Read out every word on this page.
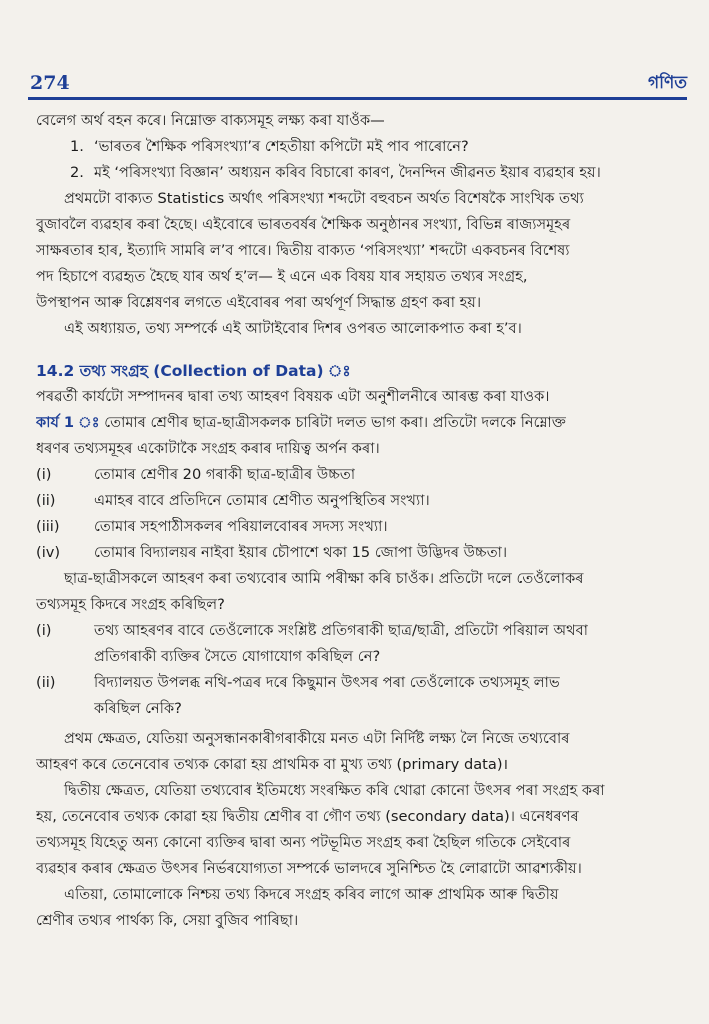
274	গণিত
বেলেগ অৰ্থ বহন কৰে। নিম্নোক্ত বাক্যসমূহ লক্ষ্য কৰা যাওঁক—
1. ‘ভাৰতৰ শৈক্ষিক পৰিসংখ্যা’ৰ শেহতীয়া কপিটো মই পাব পাৰোনে?
2. মই ‘পৰিসংখ্যা বিজ্ঞান’ অধ্যয়ন কৰিব বিচাৰো কাৰণ, দৈনন্দিন জীৱনত ইয়াৰ ব্যৱহাৰ হয়।
প্ৰথমটো বাক্যত Statistics অৰ্থাৎ পৰিসংখ্যা শব্দটো বহুবচন অৰ্থত বিশেষকৈ সাংখিক তথ্য
বুজাবলৈ ব্যৱহাৰ কৰা হৈছে। এইবোৰে ভাৰতবৰ্ষৰ শৈক্ষিক অনুষ্ঠানৰ সংখ্যা, বিভিন্ন ৰাজ্যসমূহৰ
সাক্ষৰতাৰ হাৰ, ইত্যাদি সামৰি ল’ব পাৰে। দ্বিতীয় বাক্যত ‘পৰিসংখ্যা’ শব্দটো একবচনৰ বিশেষ্য
পদ হিচাপে ব্যৱহৃত হৈছে যাৰ অৰ্থ হ’ল— ই এনে এক বিষয় যাৰ সহায়ত তথ্যৰ সংগ্ৰহ,
উপস্থাপন আৰু বিশ্লেষণৰ লগতে এইবোৰৰ পৰা অৰ্থপূৰ্ণ সিদ্ধান্ত গ্ৰহণ কৰা হয়।
এই অধ্যায়ত, তথ্য সম্পৰ্কে এই আটাইবোৰ দিশৰ ওপৰত আলোকপাত কৰা হ’ব।
14.2 তথ্য সংগ্ৰহ (Collection of Data) ঃ
পৰৱৰ্তী কাৰ্যটো সম্পাদনৰ দ্বাৰা তথ্য আহৰণ বিষয়ক এটা অনুশীলনীৰে আৰম্ভ কৰা যাওক।
কাৰ্য 1 ঃ তোমাৰ শ্ৰেণীৰ ছাত্ৰ-ছাত্ৰীসকলক চাৰিটা দলত ভাগ কৰা। প্ৰতিটো দলকে নিম্নোক্ত
ধৰণৰ তথ্যসমূহৰ একোটাকৈ সংগ্ৰহ কৰাৰ দায়িত্ব অৰ্পন কৰা।
(i)	তোমাৰ শ্ৰেণীৰ 20 গৰাকী ছাত্ৰ-ছাত্ৰীৰ উচ্চতা
(ii)	এমাহৰ বাবে প্ৰতিদিনে তোমাৰ শ্ৰেণীত অনুপস্থিতিৰ সংখ্যা।
(iii)	তোমাৰ সহপাঠীসকলৰ পৰিয়ালবোৰৰ সদস্য সংখ্যা।
(iv)	তোমাৰ বিদ্যালয়ৰ নাইবা ইয়াৰ চৌপাশে থকা 15 জোপা উদ্ভিদৰ উচ্চতা।
ছাত্ৰ-ছাত্ৰীসকলে আহৰণ কৰা তথ্যবোৰ আমি পৰীক্ষা কৰি চাওঁক। প্ৰতিটো দলে তেওঁলোকৰ
তথ্যসমূহ কিদৰে সংগ্ৰহ কৰিছিল?
(i)	তথ্য আহৰণৰ বাবে তেওঁলোকে সংশ্লিষ্ট প্ৰতিগৰাকী ছাত্ৰ/ছাত্ৰী, প্ৰতিটো পৰিয়াল অথবা
প্ৰতিগৰাকী ব্যক্তিৰ সৈতে যোগাযোগ কৰিছিল নে?
(ii)	বিদ্যালয়ত উপলব্ধ নথি-পত্ৰৰ দৰে কিছুমান উৎসৰ পৰা তেওঁলোকে তথ্যসমূহ লাভ
কৰিছিল নেকি?
প্ৰথম ক্ষেত্ৰত, যেতিয়া অনুসন্ধানকাৰীগৰাকীয়ে মনত এটা নিৰ্দিষ্ট লক্ষ্য লৈ নিজে তথ্যবোৰ
আহৰণ কৰে তেনেবোৰ তথ্যক কোৱা হয় প্ৰাথমিক বা মুখ্য তথ্য (primary data)।
দ্বিতীয় ক্ষেত্ৰত, যেতিয়া তথ্যবোৰ ইতিমধ্যে সংৰক্ষিত কৰি থোৱা কোনো উৎসৰ পৰা সংগ্ৰহ কৰা
হয়, তেনেবোৰ তথ্যক কোৱা হয় দ্বিতীয় শ্ৰেণীৰ বা গৌণ তথ্য (secondary data)। এনেধৰণৰ
তথ্যসমূহ যিহেতু অন্য কোনো ব্যক্তিৰ দ্বাৰা অন্য পটভূমিত সংগ্ৰহ কৰা হৈছিল গতিকে সেইবোৰ
ব্যৱহাৰ কৰাৰ ক্ষেত্ৰত উৎসৰ নিৰ্ভৰযোগ্যতা সম্পৰ্কে ভালদৰে সুনিশ্চিত হৈ লোৱাটো আৱশ্যকীয়।
এতিয়া, তোমালোকে নিশ্চয় তথ্য কিদৰে সংগ্ৰহ কৰিব লাগে আৰু প্ৰাথমিক আৰু দ্বিতীয়
শ্ৰেণীৰ তথ্যৰ পাৰ্থক্য কি, সেয়া বুজিব পাৰিছা।
